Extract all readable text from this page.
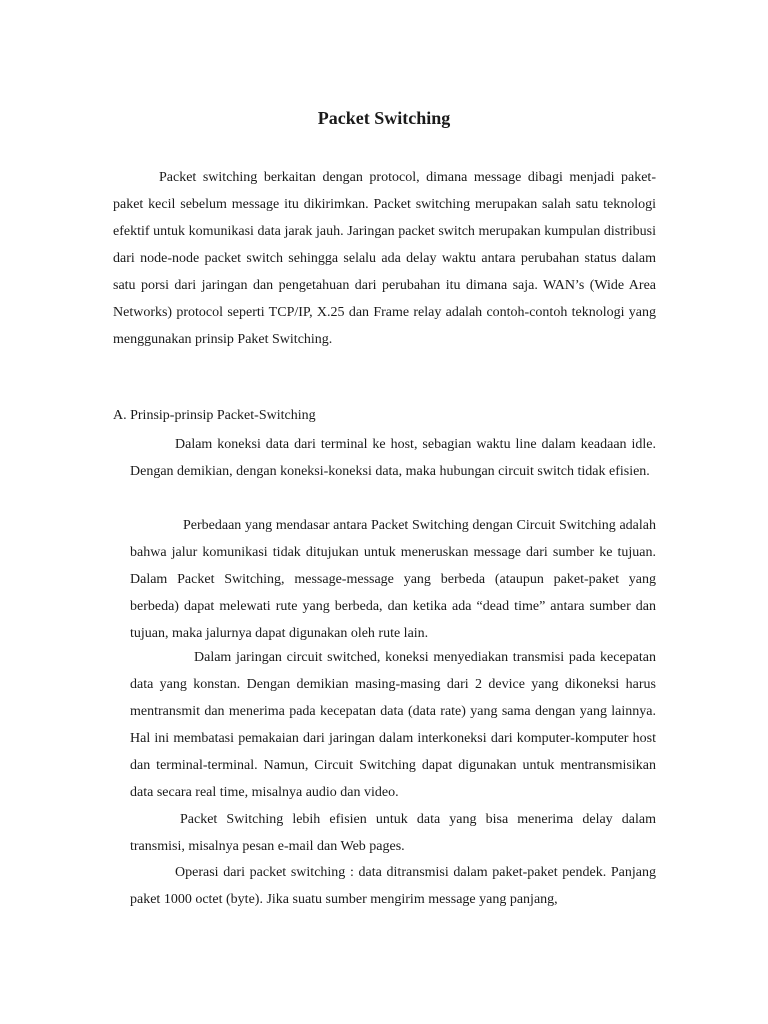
Packet Switching

Packet switching berkaitan dengan protocol, dimana message dibagi menjadi paket-paket kecil sebelum message itu dikirimkan. Packet switching merupakan salah satu teknologi efektif untuk komunikasi data jarak jauh. Jaringan packet switch merupakan kumpulan distribusi dari node-node packet switch sehingga selalu ada delay waktu antara perubahan status dalam satu porsi dari jaringan dan pengetahuan dari perubahan itu dimana saja. WAN’s (Wide Area Networks) protocol seperti TCP/IP, X.25 dan Frame relay adalah contoh-contoh teknologi yang menggunakan prinsip Paket Switching.

A. Prinsip-prinsip Packet-Switching

Dalam koneksi data dari terminal ke host, sebagian waktu line dalam keadaan idle. Dengan demikian, dengan koneksi-koneksi data, maka hubungan circuit switch tidak efisien.

Perbedaan yang mendasar antara Packet Switching dengan Circuit Switching adalah bahwa jalur komunikasi tidak ditujukan untuk meneruskan message dari sumber ke tujuan. Dalam Packet Switching, message-message yang berbeda (ataupun paket-paket yang berbeda) dapat melewati rute yang berbeda, dan ketika ada “dead time” antara sumber dan tujuan, maka jalurnya dapat digunakan oleh rute lain.

Dalam jaringan circuit switched, koneksi menyediakan transmisi pada kecepatan data yang konstan. Dengan demikian masing-masing dari 2 device yang dikoneksi harus mentransmit dan menerima pada kecepatan data (data rate) yang sama dengan yang lainnya. Hal ini membatasi pemakaian dari jaringan dalam interkoneksi dari komputer-komputer host dan terminal-terminal. Namun, Circuit Switching dapat digunakan untuk mentransmisikan data secara real time, misalnya audio dan video.

Packet Switching lebih efisien untuk data yang bisa menerima delay dalam transmisi, misalnya pesan e-mail dan Web pages.

Operasi dari packet switching : data ditransmisi dalam paket-paket pendek. Panjang paket 1000 octet (byte). Jika suatu sumber mengirim message yang panjang,
